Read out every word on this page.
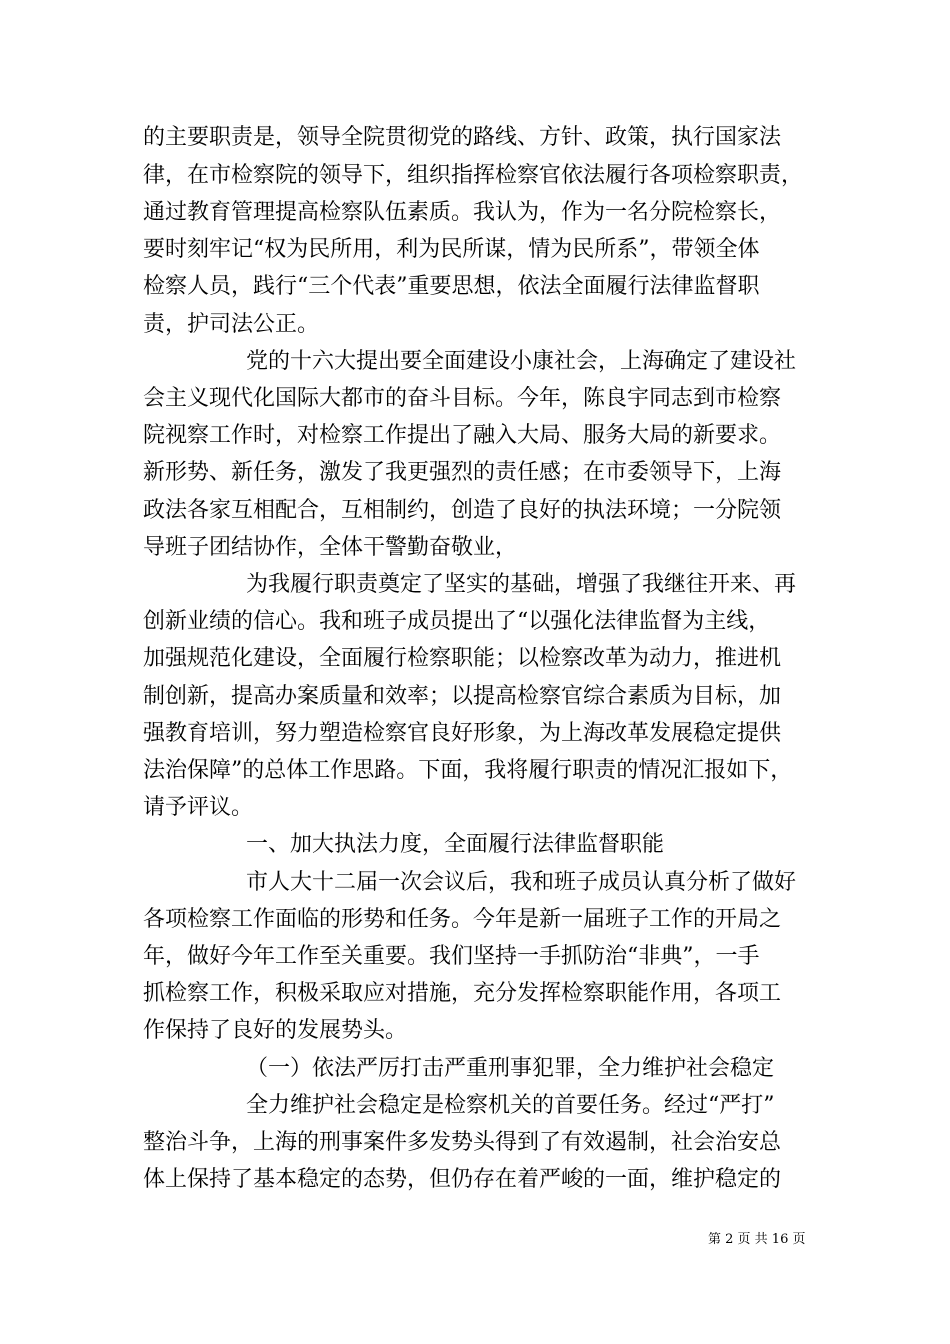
的主要职责是，领导全院贯彻党的路线、方针、政策，执行国家法

律，在市检察院的领导下，组织指挥检察官依法履行各项检察职责，

通过教育管理提高检察队伍素质。我认为，作为一名分院检察长，

要时刻牢记“权为民所用，利为民所谋，情为民所系”，带领全体

检察人员，践行“三个代表”重要思想，依法全面履行法律监督职

责，护司法公正。

党的十六大提出要全面建设小康社会，上海确定了建设社

会主义现代化国际大都市的奋斗目标。今年，陈良宇同志到市检察

院视察工作时，对检察工作提出了融入大局、服务大局的新要求。

新形势、新任务，激发了我更强烈的责任感；在市委领导下，上海

政法各家互相配合，互相制约，创造了良好的执法环境；一分院领

导班子团结协作，全体干警勤奋敬业，

为我履行职责奠定了坚实的基础，增强了我继往开来、再

创新业绩的信心。我和班子成员提出了“以强化法律监督为主线，

加强规范化建设，全面履行检察职能；以检察改革为动力，推进机

制创新，提高办案质量和效率；以提高检察官综合素质为目标，加

强教育培训，努力塑造检察官良好形象，为上海改革发展稳定提供

法治保障”的总体工作思路。下面，我将履行职责的情况汇报如下，

请予评议。

一、加大执法力度，全面履行法律监督职能

市人大十二届一次会议后，我和班子成员认真分析了做好

各项检察工作面临的形势和任务。今年是新一届班子工作的开局之

年，做好今年工作至关重要。我们坚持一手抓防治“非典”，一手

抓检察工作，积极采取应对措施，充分发挥检察职能作用，各项工

作保持了良好的发展势头。

（一）依法严厉打击严重刑事犯罪，全力维护社会稳定

全力维护社会稳定是检察机关的首要任务。经过“严打”

整治斗争，上海的刑事案件多发势头得到了有效遏制，社会治安总

体上保持了基本稳定的态势，但仍存在着严峻的一面，维护稳定的

第 2 页 共 16 页
